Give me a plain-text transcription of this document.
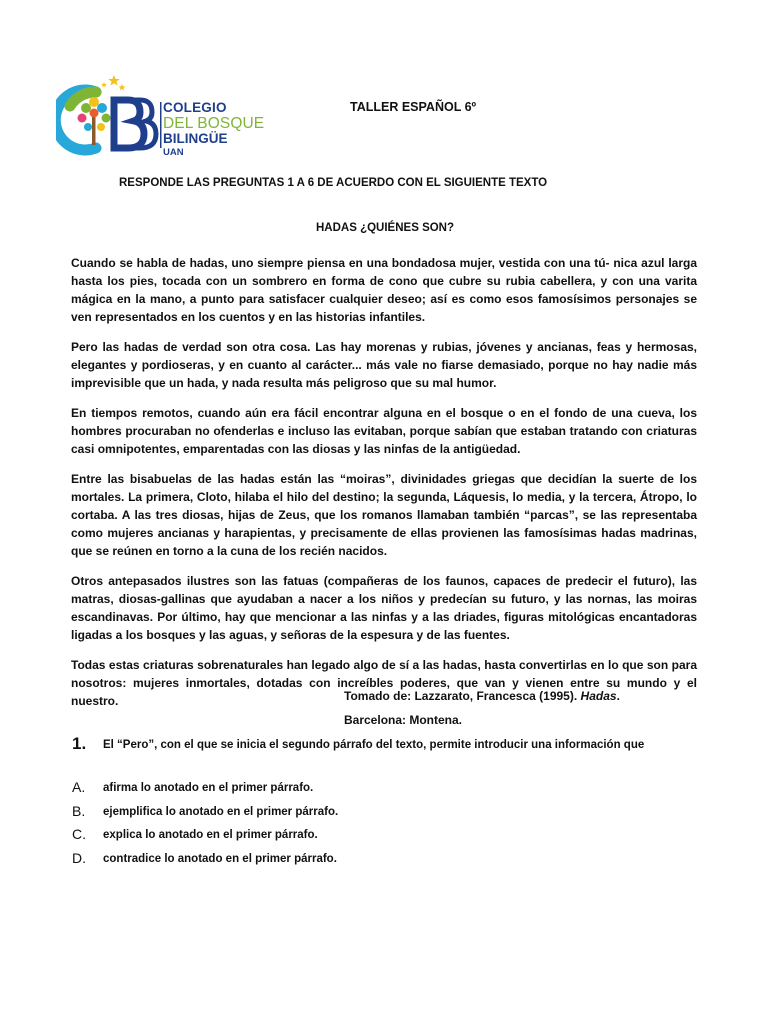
COLEGIO
DEL BOSQUE
BILINGÜE
UAN
TALLER ESPAÑOL 6º
RESPONDE LAS PREGUNTAS 1 A 6 DE ACUERDO CON EL SIGUIENTE TEXTO
HADAS ¿QUIÉNES SON?

Cuando se habla de hadas, uno siempre piensa en una bondadosa mujer, vestida con una tú- nica azul larga hasta los pies, tocada con un sombrero en forma de cono que cubre su rubia cabellera, y con una varita mágica en la mano, a punto para satisfacer cualquier deseo; así es como esos famosísimos personajes se ven representados en los cuentos y en las historias infantiles.

Pero las hadas de verdad son otra cosa. Las hay morenas y rubias, jóvenes y ancianas, feas y hermosas, elegantes y pordioseras, y en cuanto al carácter... más vale no fiarse demasiado, porque no hay nadie más imprevisible que un hada, y nada resulta más peligroso que su mal humor.

En tiempos remotos, cuando aún era fácil encontrar alguna en el bosque o en el fondo de una cueva, los hombres procuraban no ofenderlas e incluso las evitaban, porque sabían que estaban tratando con criaturas casi omnipotentes, emparentadas con las diosas y las ninfas de la antigüedad.

Entre las bisabuelas de las hadas están las “moiras”, divinidades griegas que decidían la suerte de los mortales. La primera, Cloto, hilaba el hilo del destino; la segunda, Láquesis, lo media, y la tercera, Átropo, lo cortaba. A las tres diosas, hijas de Zeus, que los romanos llamaban también “parcas”, se las representaba como mujeres ancianas y harapientas, y precisamente de ellas provienen las famosísimas hadas madrinas, que se reúnen en torno a la cuna de los recién nacidos.

Otros antepasados ilustres son las fatuas (compañeras de los faunos, capaces de predecir el futuro), las matras, diosas-gallinas que ayudaban a nacer a los niños y predecían su futuro, y las nornas, las moiras escandinavas. Por último, hay que mencionar a las ninfas y a las driades, figuras mitológicas encantadoras ligadas a los bosques y las aguas, y señoras de la espesura y de las fuentes.

Todas estas criaturas sobrenaturales han legado algo de sí a las hadas, hasta convertirlas en lo que son para nosotros: mujeres inmortales, dotadas con increíbles poderes, que van y vienen entre su mundo y el nuestro.	Tomado de: Lazzarato, Francesca (1995). Hadas. Barcelona: Montena.
1. El “Pero”, con el que se inicia el segundo párrafo del texto, permite introducir una información que
A. afirma lo anotado en el primer párrafo.
B. ejemplifica lo anotado en el primer párrafo.
C. explica lo anotado en el primer párrafo.
D. contradice lo anotado en el primer párrafo.
